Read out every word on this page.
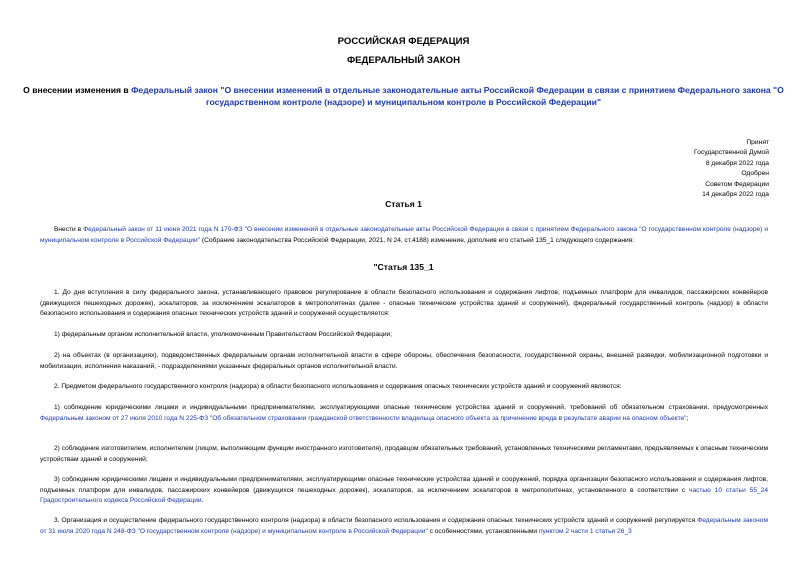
РОССИЙСКАЯ ФЕДЕРАЦИЯ
ФЕДЕРАЛЬНЫЙ ЗАКОН
О внесении изменения в Федеральный закон "О внесении изменений в отдельные законодательные акты Российской Федерации в связи с принятием Федерального закона "О государственном контроле (надзоре) и муниципальном контроле в Российской Федерации"
Принят
Государственной Думой
8 декабря 2022 года
Одобрен
Советом Федерации
14 декабря 2022 года
Статья 1
Внести в Федеральный закон от 11 июня 2021 года N 170-ФЗ "О внесении изменений в отдельные законодательные акты Российской Федерации в связи с принятием Федерального закона "О государственном контроле (надзоре) и муниципальном контроле в Российской Федерации" (Собрание законодательства Российской Федерации, 2021, N 24, ст.4188) изменение, дополнив его статьей 135_1 следующего содержания:
"Статья 135_1
1. До дня вступления в силу федерального закона, устанавливающего правовое регулирование в области безопасного использования и содержания лифтов, подъемных платформ для инвалидов, пассажирских конвейеров (движущихся пешеходных дорожек), эскалаторов, за исключением эскалаторов в метрополитенах (далее - опасные технические устройства зданий и сооружений), федеральный государственный контроль (надзор) в области безопасного использования и содержания опасных технических устройств зданий и сооружений осуществляется:
1) федеральным органом исполнительной власти, уполномоченным Правительством Российской Федерации;
2) на объектах (в организациях), подведомственных федеральным органам исполнительной власти в сфере обороны, обеспечения безопасности, государственной охраны, внешней разведки, мобилизационной подготовки и мобилизации, исполнения наказаний, - подразделениями указанных федеральных органов исполнительной власти.
2. Предметом федерального государственного контроля (надзора) в области безопасного использования и содержания опасных технических устройств зданий и сооружений являются:
1) соблюдение юридическими лицами и индивидуальными предпринимателями, эксплуатирующими опасные технические устройства зданий и сооружений, требований об обязательном страховании, предусмотренных Федеральным законом от 27 июля 2010 года N 225-ФЗ "Об обязательном страховании гражданской ответственности владельца опасного объекта за причинение вреда в результате аварии на опасном объекте";
2) соблюдение изготовителем, исполнителем (лицом, выполняющим функции иностранного изготовителя), продавцом обязательных требований, установленных техническими регламентами, предъявляемых к опасным техническим устройствам зданий и сооружений;
3) соблюдение юридическими лицами и индивидуальными предпринимателями, эксплуатирующими опасные технические устройства зданий и сооружений, порядка организации безопасного использования и содержания лифтов, подъемных платформ для инвалидов, пассажирских конвейеров (движущихся пешеходных дорожек), эскалаторов, за исключением эскалаторов в метрополитенах, установленного в соответствии с частью 10 статьи 55_24 Градостроительного кодекса Российской Федерации.
3. Организация и осуществление федерального государственного контроля (надзора) в области безопасного использования и содержания опасных технических устройств зданий и сооружений регулируется Федеральным законом от 31 июля 2020 года N 248-ФЗ "О государственном контроле (надзоре) и муниципальном контроле в Российской Федерации" с особенностями, установленными пунктом 2 части 1 статьи 26_3
